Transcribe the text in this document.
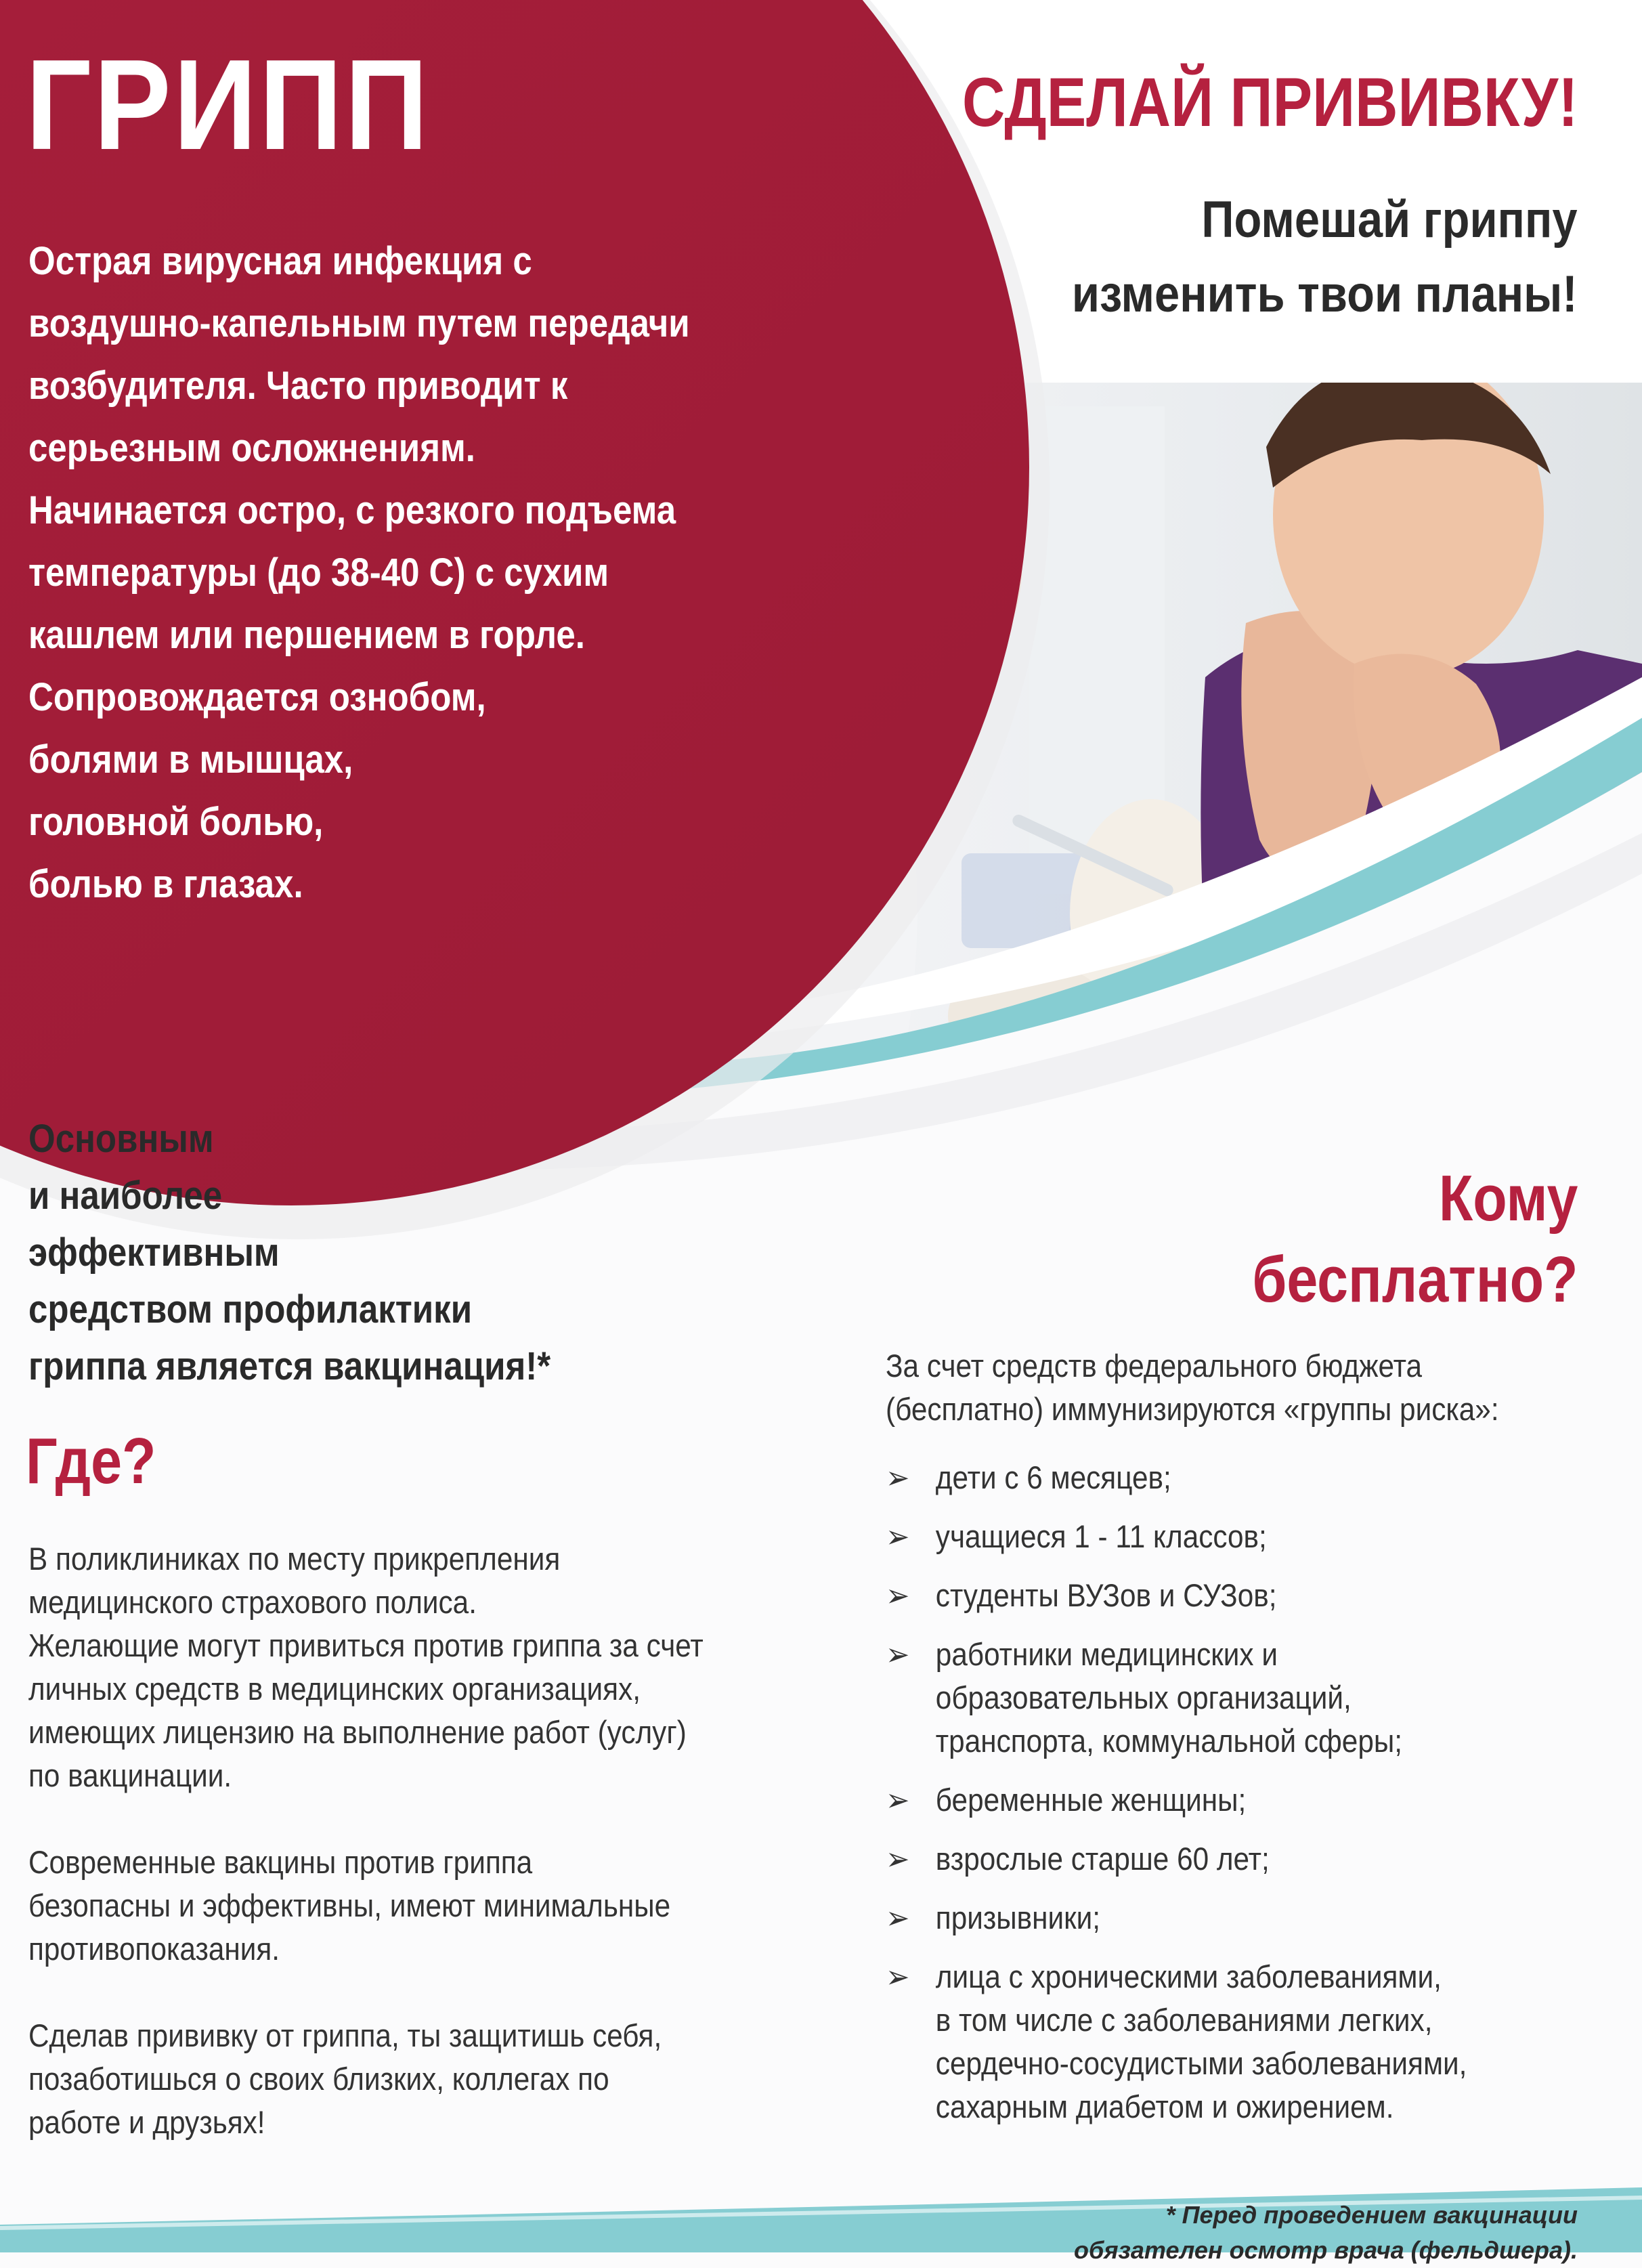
ГРИПП
Острая вирусная инфекция с
воздушно-капельным путем передачи
возбудителя. Часто приводит к
серьезным осложнениям.
Начинается остро, с резкого подъема
температуры (до 38-40 С) с сухим
кашлем или першением в горле.
Сопровождается ознобом,
болями в мышцах,
головной болью,
болью в глазах.
СДЕЛАЙ ПРИВИВКУ!
Помешай гриппу
изменить твои планы!
Основным
и наиболее
эффективным
средством профилактики
гриппа является вакцинация!*
Где?
В поликлиниках по месту прикрепления
медицинского страхового полиса.
Желающие могут привиться против гриппа за счет
личных средств в медицинских организациях,
имеющих лицензию на выполнение работ (услуг)
по вакцинации.
Современные вакцины против гриппа
безопасны и эффективны, имеют минимальные
противопоказания.
Сделав прививку от гриппа, ты защитишь себя,
позаботишься о своих близких, коллегах по
работе и друзьях!
Кому
бесплатно?
За счет средств федерального бюджета
(бесплатно) иммунизируются «группы риска»:
➢ дети с 6 месяцев;
➢ учащиеся 1 - 11 классов;
➢ студенты ВУЗов и СУЗов;
➢ работники медицинских и
образовательных организаций,
транспорта, коммунальной сферы;
➢ беременные женщины;
➢ взрослые старше 60 лет;
➢ призывники;
➢ лица с хроническими заболеваниями,
в том числе с заболеваниями легких,
сердечно-сосудистыми заболеваниями,
сахарным диабетом и ожирением.
* Перед проведением вакцинации
обязателен осмотр врача (фельдшера).
